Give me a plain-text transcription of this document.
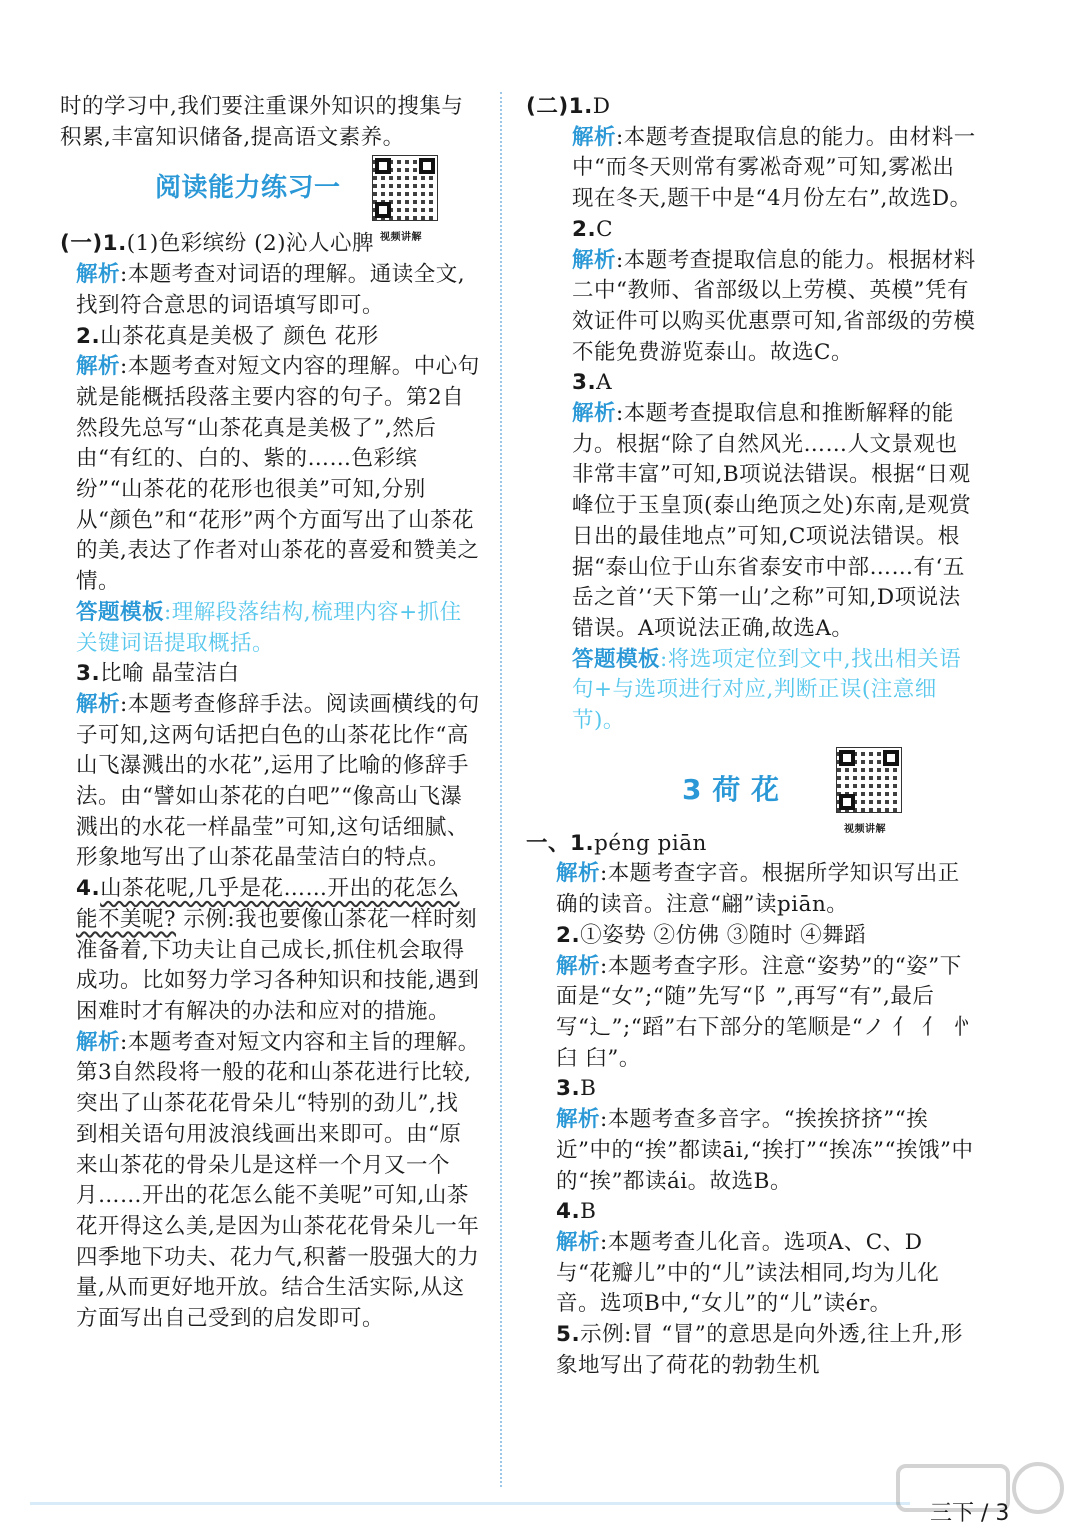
时的学习中,我们要注重课外知识的搜集与积累,丰富知识储备,提高语文素养。

阅读能力练习一
视频讲解

(一)1.(1)色彩缤纷 (2)沁人心脾

解析:本题考查对词语的理解。通读全文,找到符合意思的词语填写即可。

2.山茶花真是美极了 颜色 花形

解析:本题考查对短文内容的理解。中心句就是能概括段落主要内容的句子。第2自然段先总写“山茶花真是美极了”,然后由“有红的、白的、紫的……色彩缤纷”“山茶花的花形也很美”可知,分别从“颜色”和“花形”两个方面写出了山茶花的美,表达了作者对山茶花的喜爱和赞美之情。

答题模板:理解段落结构,梳理内容+抓住关键词语提取概括。

3.比喻 晶莹洁白

解析:本题考查修辞手法。阅读画横线的句子可知,这两句话把白色的山茶花比作“高山飞瀑溅出的水花”,运用了比喻的修辞手法。由“譬如山茶花的白吧”“像高山飞瀑溅出的水花一样晶莹”可知,这句话细腻、形象地写出了山茶花晶莹洁白的特点。

4.山茶花呢,几乎是花……开出的花怎么能不美呢? 示例:我也要像山茶花一样时刻准备着,下功夫让自己成长,抓住机会取得成功。比如努力学习各种知识和技能,遇到困难时才有解决的办法和应对的措施。

解析:本题考查对短文内容和主旨的理解。第3自然段将一般的花和山茶花进行比较,突出了山茶花花骨朵儿“特别的劲儿”,找到相关语句用波浪线画出来即可。由“原来山茶花的骨朵儿是这样一个月又一个月……开出的花怎么能不美呢”可知,山茶花开得这么美,是因为山茶花花骨朵儿一年四季地下功夫、花力气,积蓄一股强大的力量,从而更好地开放。结合生活实际,从这方面写出自己受到的启发即可。

(二)1.D

解析:本题考查提取信息的能力。由材料一中“而冬天则常有雾凇奇观”可知,雾凇出现在冬天,题干中是“4月份左右”,故选D。

2.C

解析:本题考查提取信息的能力。根据材料二中“教师、省部级以上劳模、英模”凭有效证件可以购买优惠票可知,省部级的劳模不能免费游览泰山。故选C。

3.A

解析:本题考查提取信息和推断解释的能力。根据“除了自然风光……人文景观也非常丰富”可知,B项说法错误。根据“日观峰位于玉皇顶(泰山绝顶之处)东南,是观赏日出的最佳地点”可知,C项说法错误。根据“泰山位于山东省泰安市中部……有‘五岳之首’‘天下第一山’之称”可知,D项说法错误。A项说法正确,故选A。

答题模板:将选项定位到文中,找出相关语句+与选项进行对应,判断正误(注意细节)。

3 荷 花
视频讲解

一、1.péng piān

解析:本题考查字音。根据所学知识写出正确的读音。注意“翩”读piān。

2.①姿势 ②仿佛 ③随时 ④舞蹈

解析:本题考查字形。注意“姿势”的“姿”下面是“女”;“随”先写“阝”,再写“有”,最后写“辶”;“蹈”右下部分的笔顺是“ノ 亻 亻 㣺 臼 臼”。

3.B

解析:本题考查多音字。“挨挨挤挤”“挨近”中的“挨”都读āi,“挨打”“挨冻”“挨饿”中的“挨”都读ái。故选B。

4.B

解析:本题考查儿化音。选项A、C、D与“花瓣儿”中的“儿”读法相同,均为儿化音。选项B中,“女儿”的“儿”读ér。

5.示例:冒 “冒”的意思是向外透,往上升,形象地写出了荷花的勃勃生机

三下 / 3
